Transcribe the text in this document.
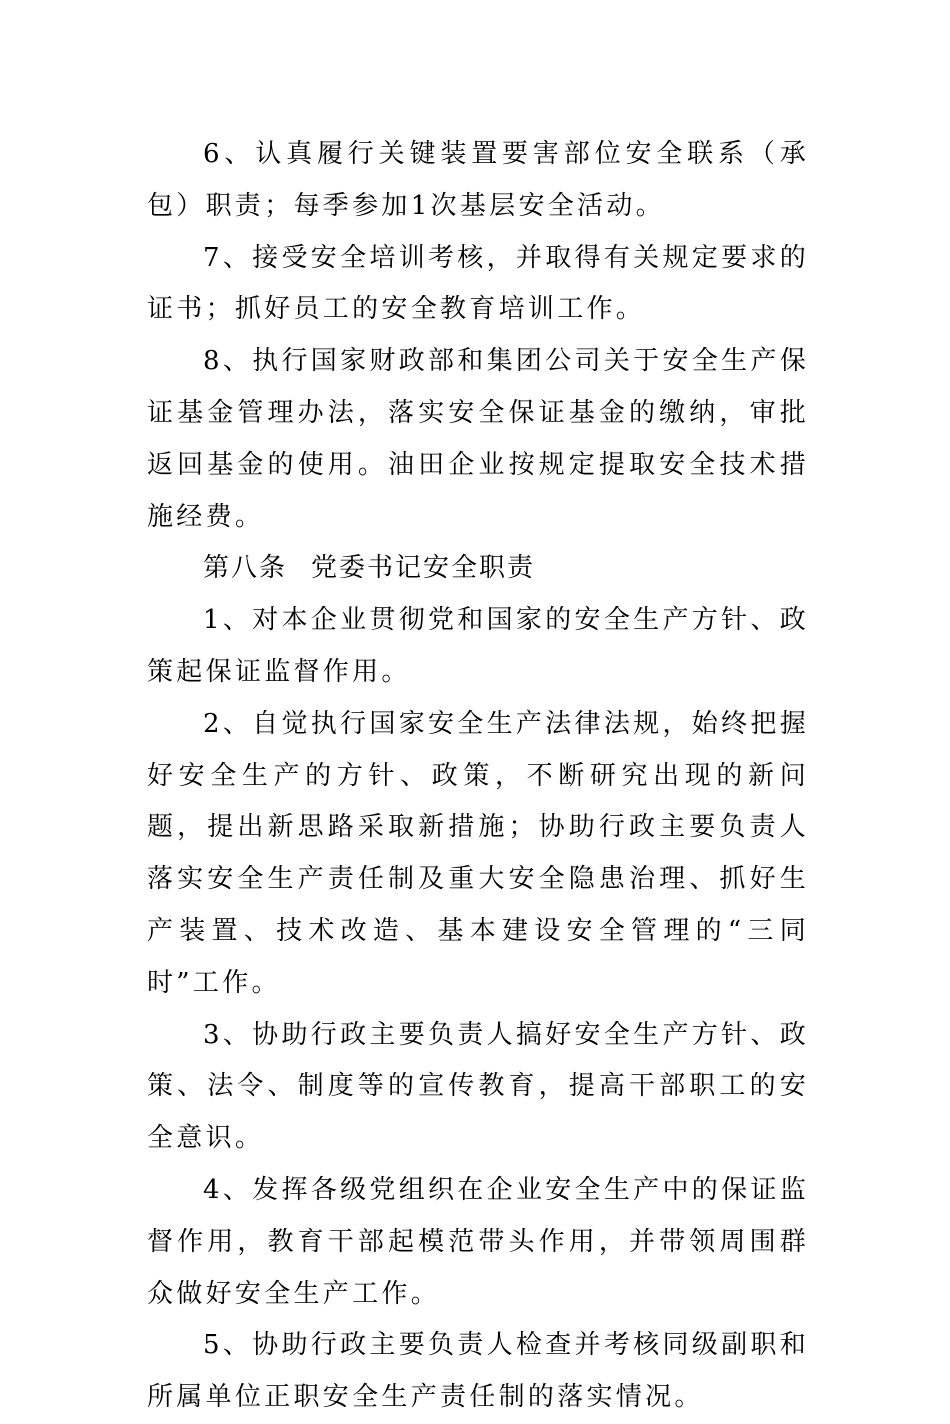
6、认真履行关键装置要害部位安全联系（承包）职责；每季参加1次基层安全活动。

7、接受安全培训考核，并取得有关规定要求的证书；抓好员工的安全教育培训工作。

8、执行国家财政部和集团公司关于安全生产保证基金管理办法，落实安全保证基金的缴纳，审批返回基金的使用。油田企业按规定提取安全技术措施经费。

第八条 党委书记安全职责

1、对本企业贯彻党和国家的安全生产方针、政策起保证监督作用。

2、自觉执行国家安全生产法律法规，始终把握好安全生产的方针、政策，不断研究出现的新问题，提出新思路采取新措施；协助行政主要负责人落实安全生产责任制及重大安全隐患治理、抓好生产装置、技术改造、基本建设安全管理的“三同时”工作。

3、协助行政主要负责人搞好安全生产方针、政策、法令、制度等的宣传教育，提高干部职工的安全意识。

4、发挥各级党组织在企业安全生产中的保证监督作用，教育干部起模范带头作用，并带领周围群众做好安全生产工作。

5、协助行政主要负责人检查并考核同级副职和所属单位正职安全生产责任制的落实情况。
